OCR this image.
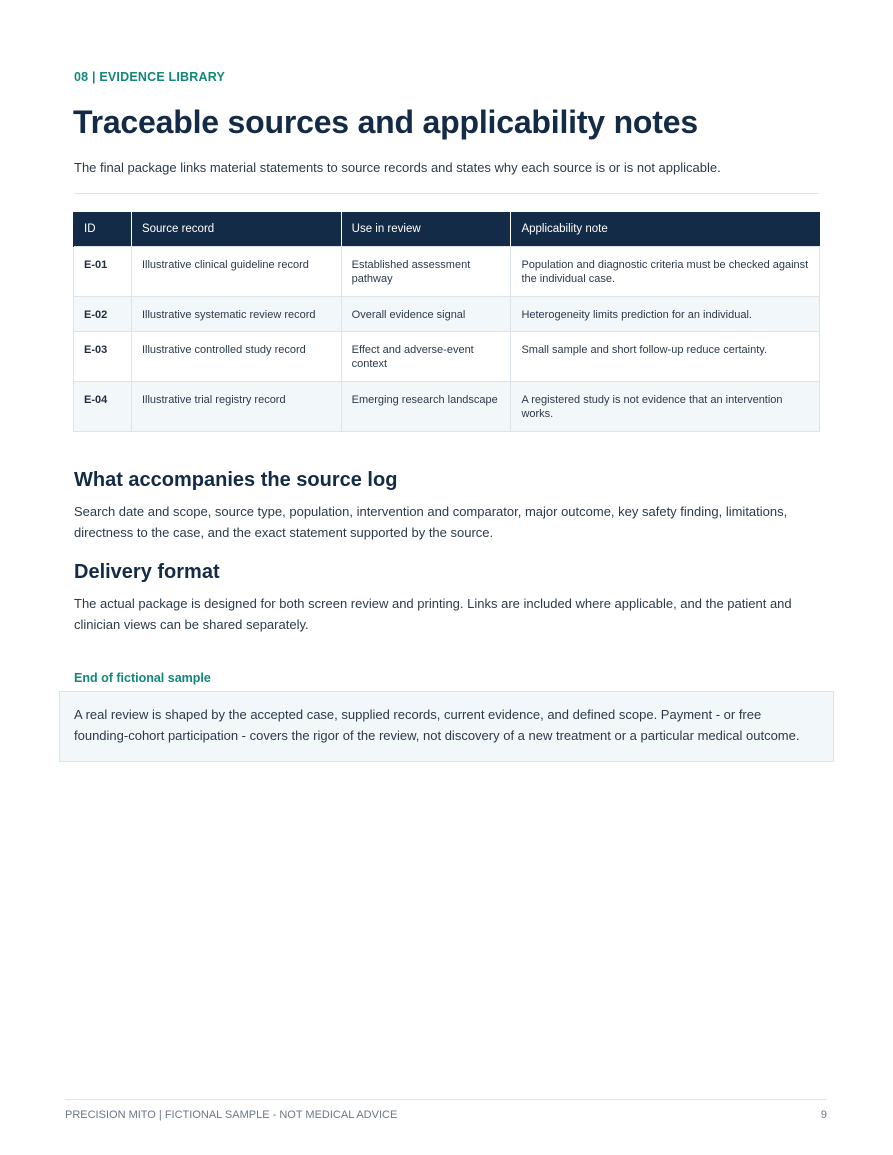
08 | EVIDENCE LIBRARY
Traceable sources and applicability notes

The final package links material statements to source records and states why each source is or is not applicable.

ID	Source record	Use in review	Applicability note
E-01	Illustrative clinical guideline record	Established assessment pathway	Population and diagnostic criteria must be checked against the individual case.
E-02	Illustrative systematic review record	Overall evidence signal	Heterogeneity limits prediction for an individual.
E-03	Illustrative controlled study record	Effect and adverse-event context	Small sample and short follow-up reduce certainty.
E-04	Illustrative trial registry record	Emerging research landscape	A registered study is not evidence that an intervention works.
What accompanies the source log

Search date and scope, source type, population, intervention and comparator, major outcome, key safety finding, limitations, directness to the case, and the exact statement supported by the source.

Delivery format

The actual package is designed for both screen review and printing. Links are included where applicable, and the patient and clinician views can be shared separately.

End of fictional sample
A real review is shaped by the accepted case, supplied records, current evidence, and defined scope. Payment - or free founding-cohort participation - covers the rigor of the review, not discovery of a new treatment or a particular medical outcome.
PRECISION MITO | FICTIONAL SAMPLE - NOT MEDICAL ADVICE	9
